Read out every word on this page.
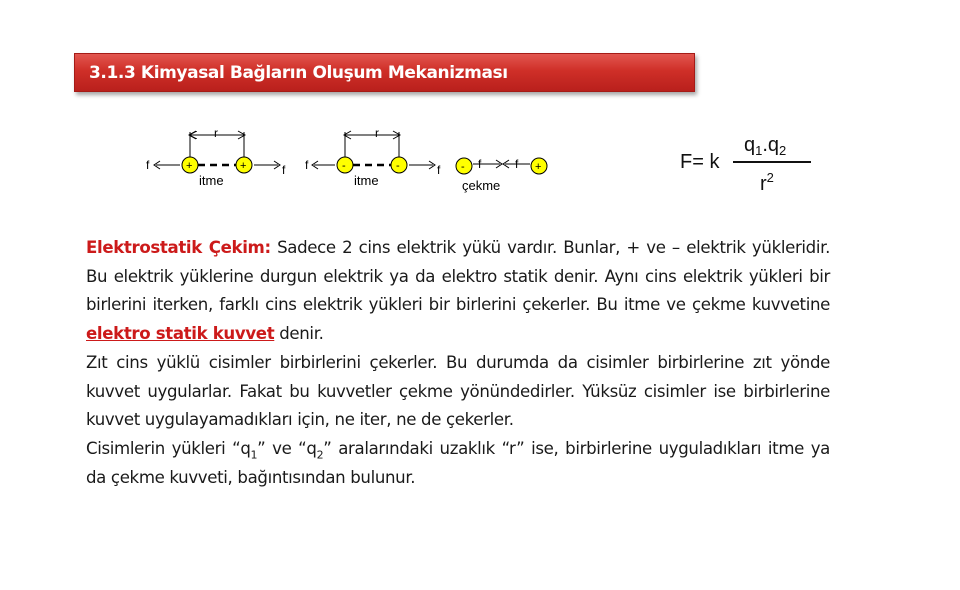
3.1.3 Kimyasal Bağların Oluşum Mekanizması
r
f	+	+	f
itme
r
f	-	-	f
itme
- f	f +
çekme
F= k
$q_1.q_2$
$r^2$

Elektrostatik Çekim: Sadece 2 cins elektrik yükü vardır. Bunlar, + ve – elektrik yükleridir. Bu elektrik yüklerine durgun elektrik ya da elektro statik denir. Aynı cins elektrik yükleri bir birlerini iterken, farklı cins elektrik yükleri bir birlerini çekerler. Bu itme ve çekme kuvvetine elektro statik kuvvet denir.

Zıt cins yüklü cisimler birbirlerini çekerler. Bu durumda da cisimler birbirlerine zıt yönde kuvvet uygularlar. Fakat bu kuvvetler çekme yönündedirler. Yüksüz cisimler ise birbirlerine kuvvet uygulayamadıkları için, ne iter, ne de çekerler.

Cisimlerin yükleri “$q_1$” ve “$q_2$” aralarındaki uzaklık “r” ise, birbirlerine uyguladıkları itme ya da çekme kuvveti, bağıntısından bulunur.
